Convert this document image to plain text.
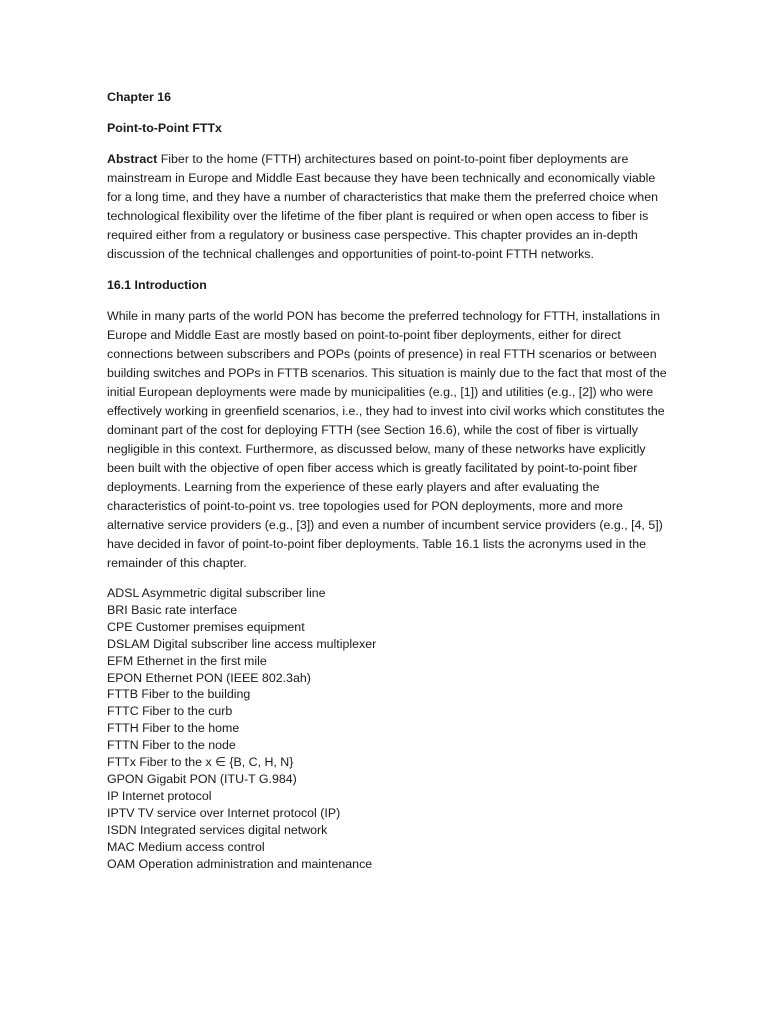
Chapter 16

Point-to-Point FTTx

Abstract Fiber to the home (FTTH) architectures based on point-to-point fiber deployments are mainstream in Europe and Middle East because they have been technically and economically viable for a long time, and they have a number of characteristics that make them the preferred choice when technological flexibility over the lifetime of the fiber plant is required or when open access to fiber is required either from a regulatory or business case perspective. This chapter provides an in-depth discussion of the technical challenges and opportunities of point-to-point FTTH networks.

16.1 Introduction

While in many parts of the world PON has become the preferred technology for FTTH, installations in Europe and Middle East are mostly based on point-to-point fiber deployments, either for direct connections between subscribers and POPs (points of presence) in real FTTH scenarios or between building switches and POPs in FTTB scenarios. This situation is mainly due to the fact that most of the initial European deployments were made by municipalities (e.g., [1]) and utilities (e.g., [2]) who were effectively working in greenfield scenarios, i.e., they had to invest into civil works which constitutes the dominant part of the cost for deploying FTTH (see Section 16.6), while the cost of fiber is virtually negligible in this context. Furthermore, as discussed below, many of these networks have explicitly been built with the objective of open fiber access which is greatly facilitated by point-to-point fiber deployments. Learning from the experience of these early players and after evaluating the characteristics of point-to-point vs. tree topologies used for PON deployments, more and more alternative service providers (e.g., [3]) and even a number of incumbent service providers (e.g., [4, 5]) have decided in favor of point-to-point fiber deployments. Table 16.1 lists the acronyms used in the remainder of this chapter.

ADSL Asymmetric digital subscriber line
BRI Basic rate interface
CPE Customer premises equipment
DSLAM Digital subscriber line access multiplexer
EFM Ethernet in the first mile
EPON Ethernet PON (IEEE 802.3ah)
FTTB Fiber to the building
FTTC Fiber to the curb
FTTH Fiber to the home
FTTN Fiber to the node
FTTx Fiber to the x ∈ {B, C, H, N}
GPON Gigabit PON (ITU-T G.984)
IP Internet protocol
IPTV TV service over Internet protocol (IP)
ISDN Integrated services digital network
MAC Medium access control
OAM Operation administration and maintenance
